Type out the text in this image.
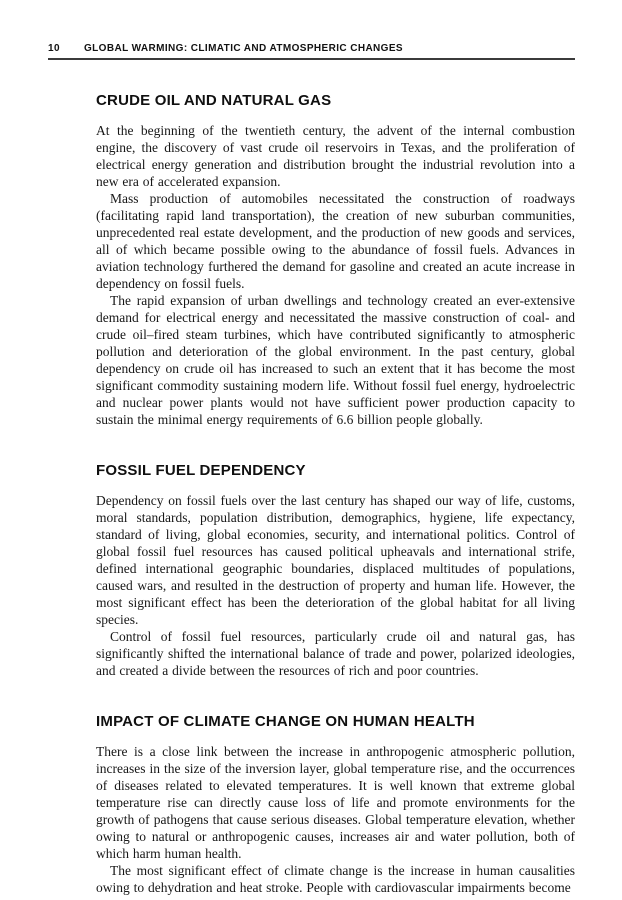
10	GLOBAL WARMING: CLIMATIC AND ATMOSPHERIC CHANGES
CRUDE OIL AND NATURAL GAS

At the beginning of the twentieth century, the advent of the internal combustion engine, the discovery of vast crude oil reservoirs in Texas, and the proliferation of electrical energy generation and distribution brought the industrial revolution into a new era of accelerated expansion.

Mass production of automobiles necessitated the construction of roadways (facilitating rapid land transportation), the creation of new suburban communities, unprecedented real estate development, and the production of new goods and services, all of which became possible owing to the abundance of fossil fuels. Advances in aviation technology furthered the demand for gasoline and created an acute increase in dependency on fossil fuels.

The rapid expansion of urban dwellings and technology created an ever-extensive demand for electrical energy and necessitated the massive construction of coal- and crude oil–fired steam turbines, which have contributed significantly to atmospheric pollution and deterioration of the global environment. In the past century, global dependency on crude oil has increased to such an extent that it has become the most significant commodity sustaining modern life. Without fossil fuel energy, hydroelectric and nuclear power plants would not have sufficient power production capacity to sustain the minimal energy requirements of 6.6 billion people globally.

FOSSIL FUEL DEPENDENCY

Dependency on fossil fuels over the last century has shaped our way of life, customs, moral standards, population distribution, demographics, hygiene, life expectancy, standard of living, global economies, security, and international politics. Control of global fossil fuel resources has caused political upheavals and international strife, defined international geographic boundaries, displaced multitudes of populations, caused wars, and resulted in the destruction of property and human life. However, the most significant effect has been the deterioration of the global habitat for all living species.

Control of fossil fuel resources, particularly crude oil and natural gas, has significantly shifted the international balance of trade and power, polarized ideologies, and created a divide between the resources of rich and poor countries.

IMPACT OF CLIMATE CHANGE ON HUMAN HEALTH

There is a close link between the increase in anthropogenic atmospheric pollution, increases in the size of the inversion layer, global temperature rise, and the occurrences of diseases related to elevated temperatures. It is well known that extreme global temperature rise can directly cause loss of life and promote environments for the growth of pathogens that cause serious diseases. Global temperature elevation, whether owing to natural or anthropogenic causes, increases air and water pollution, both of which harm human health.

The most significant effect of climate change is the increase in human causalities owing to dehydration and heat stroke. People with cardiovascular impairments become
